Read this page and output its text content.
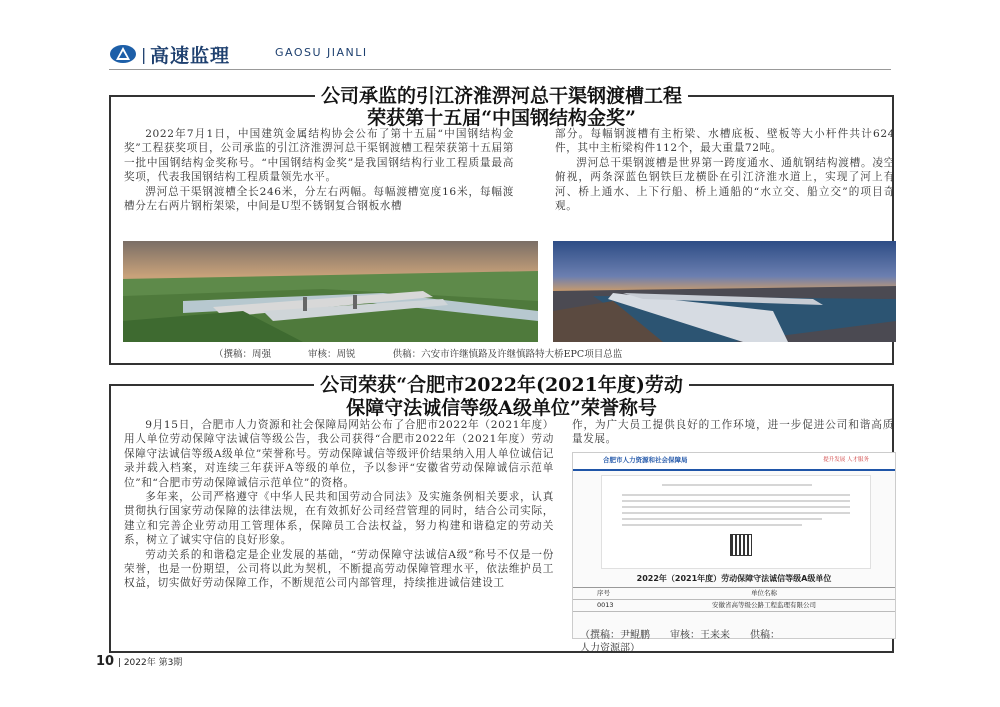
| 高速监理	GAOSU JIANLI
公司承监的引江济淮淠河总干渠钢渡槽工程
荣获第十五届“中国钢结构金奖”

2022年7月1日，中国建筑金属结构协会公布了第十五届“中国钢结构金奖”工程获奖项目，公司承监的引江济淮淠河总干渠钢渡槽工程荣获第十五届第一批中国钢结构金奖称号。“中国钢结构金奖”是我国钢结构行业工程质量最高奖项，代表我国钢结构工程质量领先水平。

淠河总干渠钢渡槽全长246米，分左右两幅。每幅渡槽宽度16米，每幅渡槽分左右两片钢桁架梁，中间是U型不锈钢复合钢板水槽

部分。每幅钢渡槽有主桁梁、水槽底板、壁板等大小杆件共计624件，其中主桁梁构件112个，最大重量72吨。

淠河总干渠钢渡槽是世界第一跨度通水、通航钢结构渡槽。凌空俯视，两条深蓝色钢铁巨龙横卧在引江济淮水道上，实现了河上有河、桥上通水、上下行船、桥上通船的“水立交、船立交”的项目奇观。

（撰稿：周强	审核：周锐	供稿：六安市许继慎路及许继慎路特大桥EPC项目总监
公司荣获“合肥市2022年(2021年度)劳动
保障守法诚信等级A级单位”荣誉称号

9月15日，合肥市人力资源和社会保障局网站公布了合肥市2022年（2021年度）用人单位劳动保障守法诚信等级公告，我公司获得“合肥市2022年（2021年度）劳动保障守法诚信等级A级单位”荣誉称号。劳动保障诚信等级评价结果纳入用人单位诚信记录并载入档案，对连续三年获评A等级的单位，予以参评“安徽省劳动保障诚信示范单位”和“合肥市劳动保障诚信示范单位”的资格。

多年来，公司严格遵守《中华人民共和国劳动合同法》及实施条例相关要求，认真贯彻执行国家劳动保障的法律法规，在有效抓好公司经营管理的同时，结合公司实际，建立和完善企业劳动用工管理体系，保障员工合法权益，努力构建和谐稳定的劳动关系，树立了诚实守信的良好形象。

劳动关系的和谐稳定是企业发展的基础，“劳动保障守法诚信A级”称号不仅是一份荣誉，也是一份期望，公司将以此为契机，不断提高劳动保障管理水平，依法维护员工权益，切实做好劳动保障工作，不断规范公司内部管理，持续推进诚信建设工

作，为广大员工提供良好的工作环境，进一步促进公司和谐高质量发展。

合肥市人力资源和社会保障局	提升发展 人才服务
2022年（2021年度）劳动保障守法诚信等级A级单位
序号	单位名称
0013	安徽省高等级公路工程监理有限公司
（撰稿：尹鲲鹏　　审核：王来来　　供稿：
人力资源部）
10 | 2022年 第3期
